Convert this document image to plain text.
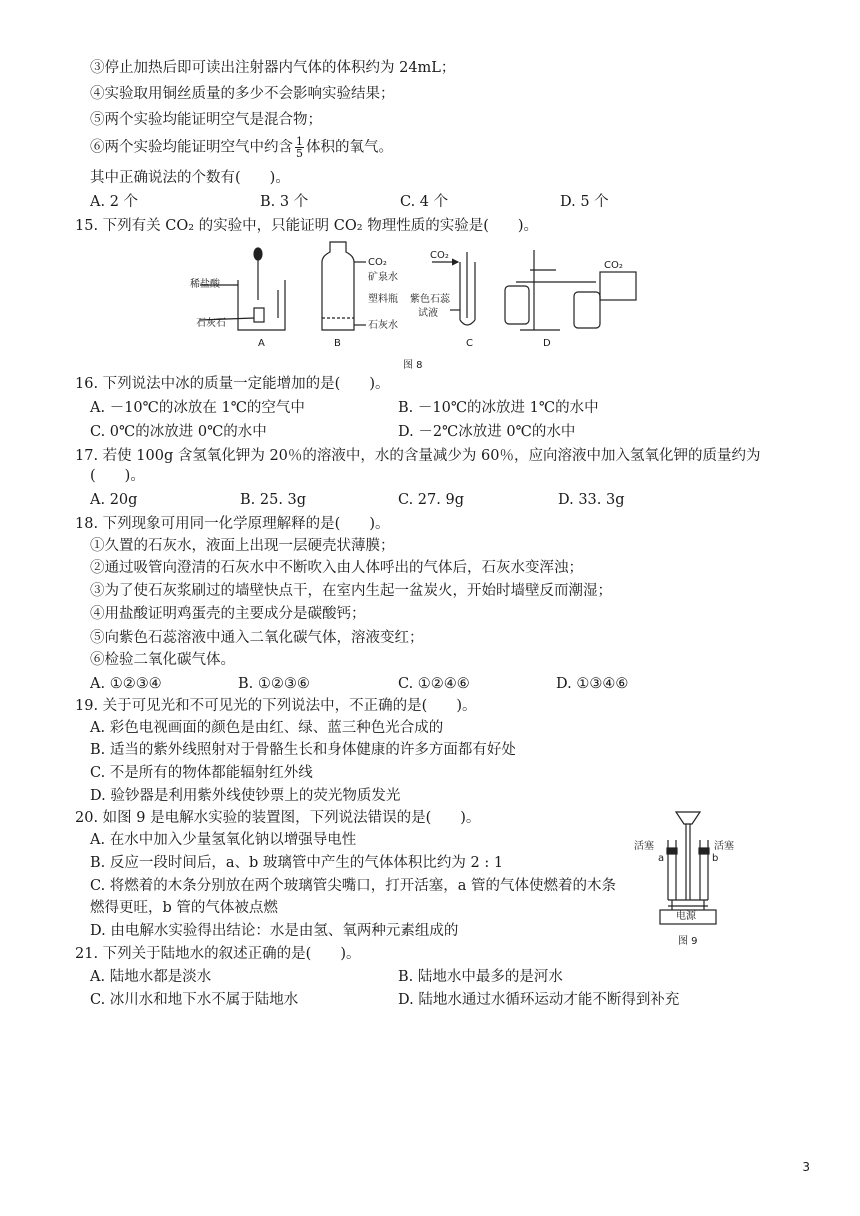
③停止加热后即可读出注射器内气体的体积约为 24mL；
④实验取用铜丝质量的多少不会影响实验结果；
⑤两个实验均能证明空气是混合物；
⑥两个实验均能证明空气中约含 $\frac{1}{5}$ 体积的氧气。
其中正确说法的个数有(　　)。
A. 2 个	B. 3 个	C. 4 个	D. 5 个
15. 下列有关 CO₂ 的实验中，只能证明 CO₂ 物理性质的实验是(　　)。
稀盐酸
石灰石
CO₂
矿泉水
塑料瓶
石灰水
CO₂
紫色石蕊
试液
CO₂
A	B	C	D
图 8
16. 下列说法中冰的质量一定能增加的是(　　)。
A. －10℃的冰放在 1℃的空气中	B. －10℃的冰放进 1℃的水中
C. 0℃的冰放进 0℃的水中	D. －2℃冰放进 0℃的水中
17. 若使 100g 含氢氧化钾为 20％的溶液中，水的含量减少为 60％，应向溶液中加入氢氧化钾的质量约为
(　　)。
A. 20g	B. 25. 3g	C. 27. 9g	D. 33. 3g
18. 下列现象可用同一化学原理解释的是(　　)。
①久置的石灰水，液面上出现一层硬壳状薄膜；
②通过吸管向澄清的石灰水中不断吹入由人体呼出的气体后，石灰水变浑浊；
③为了使石灰浆刷过的墙壁快点干，在室内生起一盆炭火，开始时墙壁反而潮湿；
④用盐酸证明鸡蛋壳的主要成分是碳酸钙；
⑤向紫色石蕊溶液中通入二氧化碳气体，溶液变红；
⑥检验二氧化碳气体。
A. ①②③④	B. ①②③⑥	C. ①②④⑥	D. ①③④⑥
19. 关于可见光和不可见光的下列说法中，不正确的是(　　)。
A. 彩色电视画面的颜色是由红、绿、蓝三种色光合成的
B. 适当的紫外线照射对于骨骼生长和身体健康的许多方面都有好处
C. 不是所有的物体都能辐射红外线
D. 验钞器是利用紫外线使钞票上的荧光物质发光
20. 如图 9 是电解水实验的装置图，下列说法错误的是(　　)。
A. 在水中加入少量氢氧化钠以增强导电性
B. 反应一段时间后，a、b 玻璃管中产生的气体体积比约为 2 : 1
C. 将燃着的木条分别放在两个玻璃管尖嘴口，打开活塞，a 管的气体使燃着的木条
燃得更旺，b 管的气体被点燃
D. 由电解水实验得出结论：水是由氢、氧两种元素组成的
活塞	活塞
a	b
电源
图 9
21. 下列关于陆地水的叙述正确的是(　　)。
A. 陆地水都是淡水	B. 陆地水中最多的是河水
C. 冰川水和地下水不属于陆地水	D. 陆地水通过水循环运动才能不断得到补充
3
